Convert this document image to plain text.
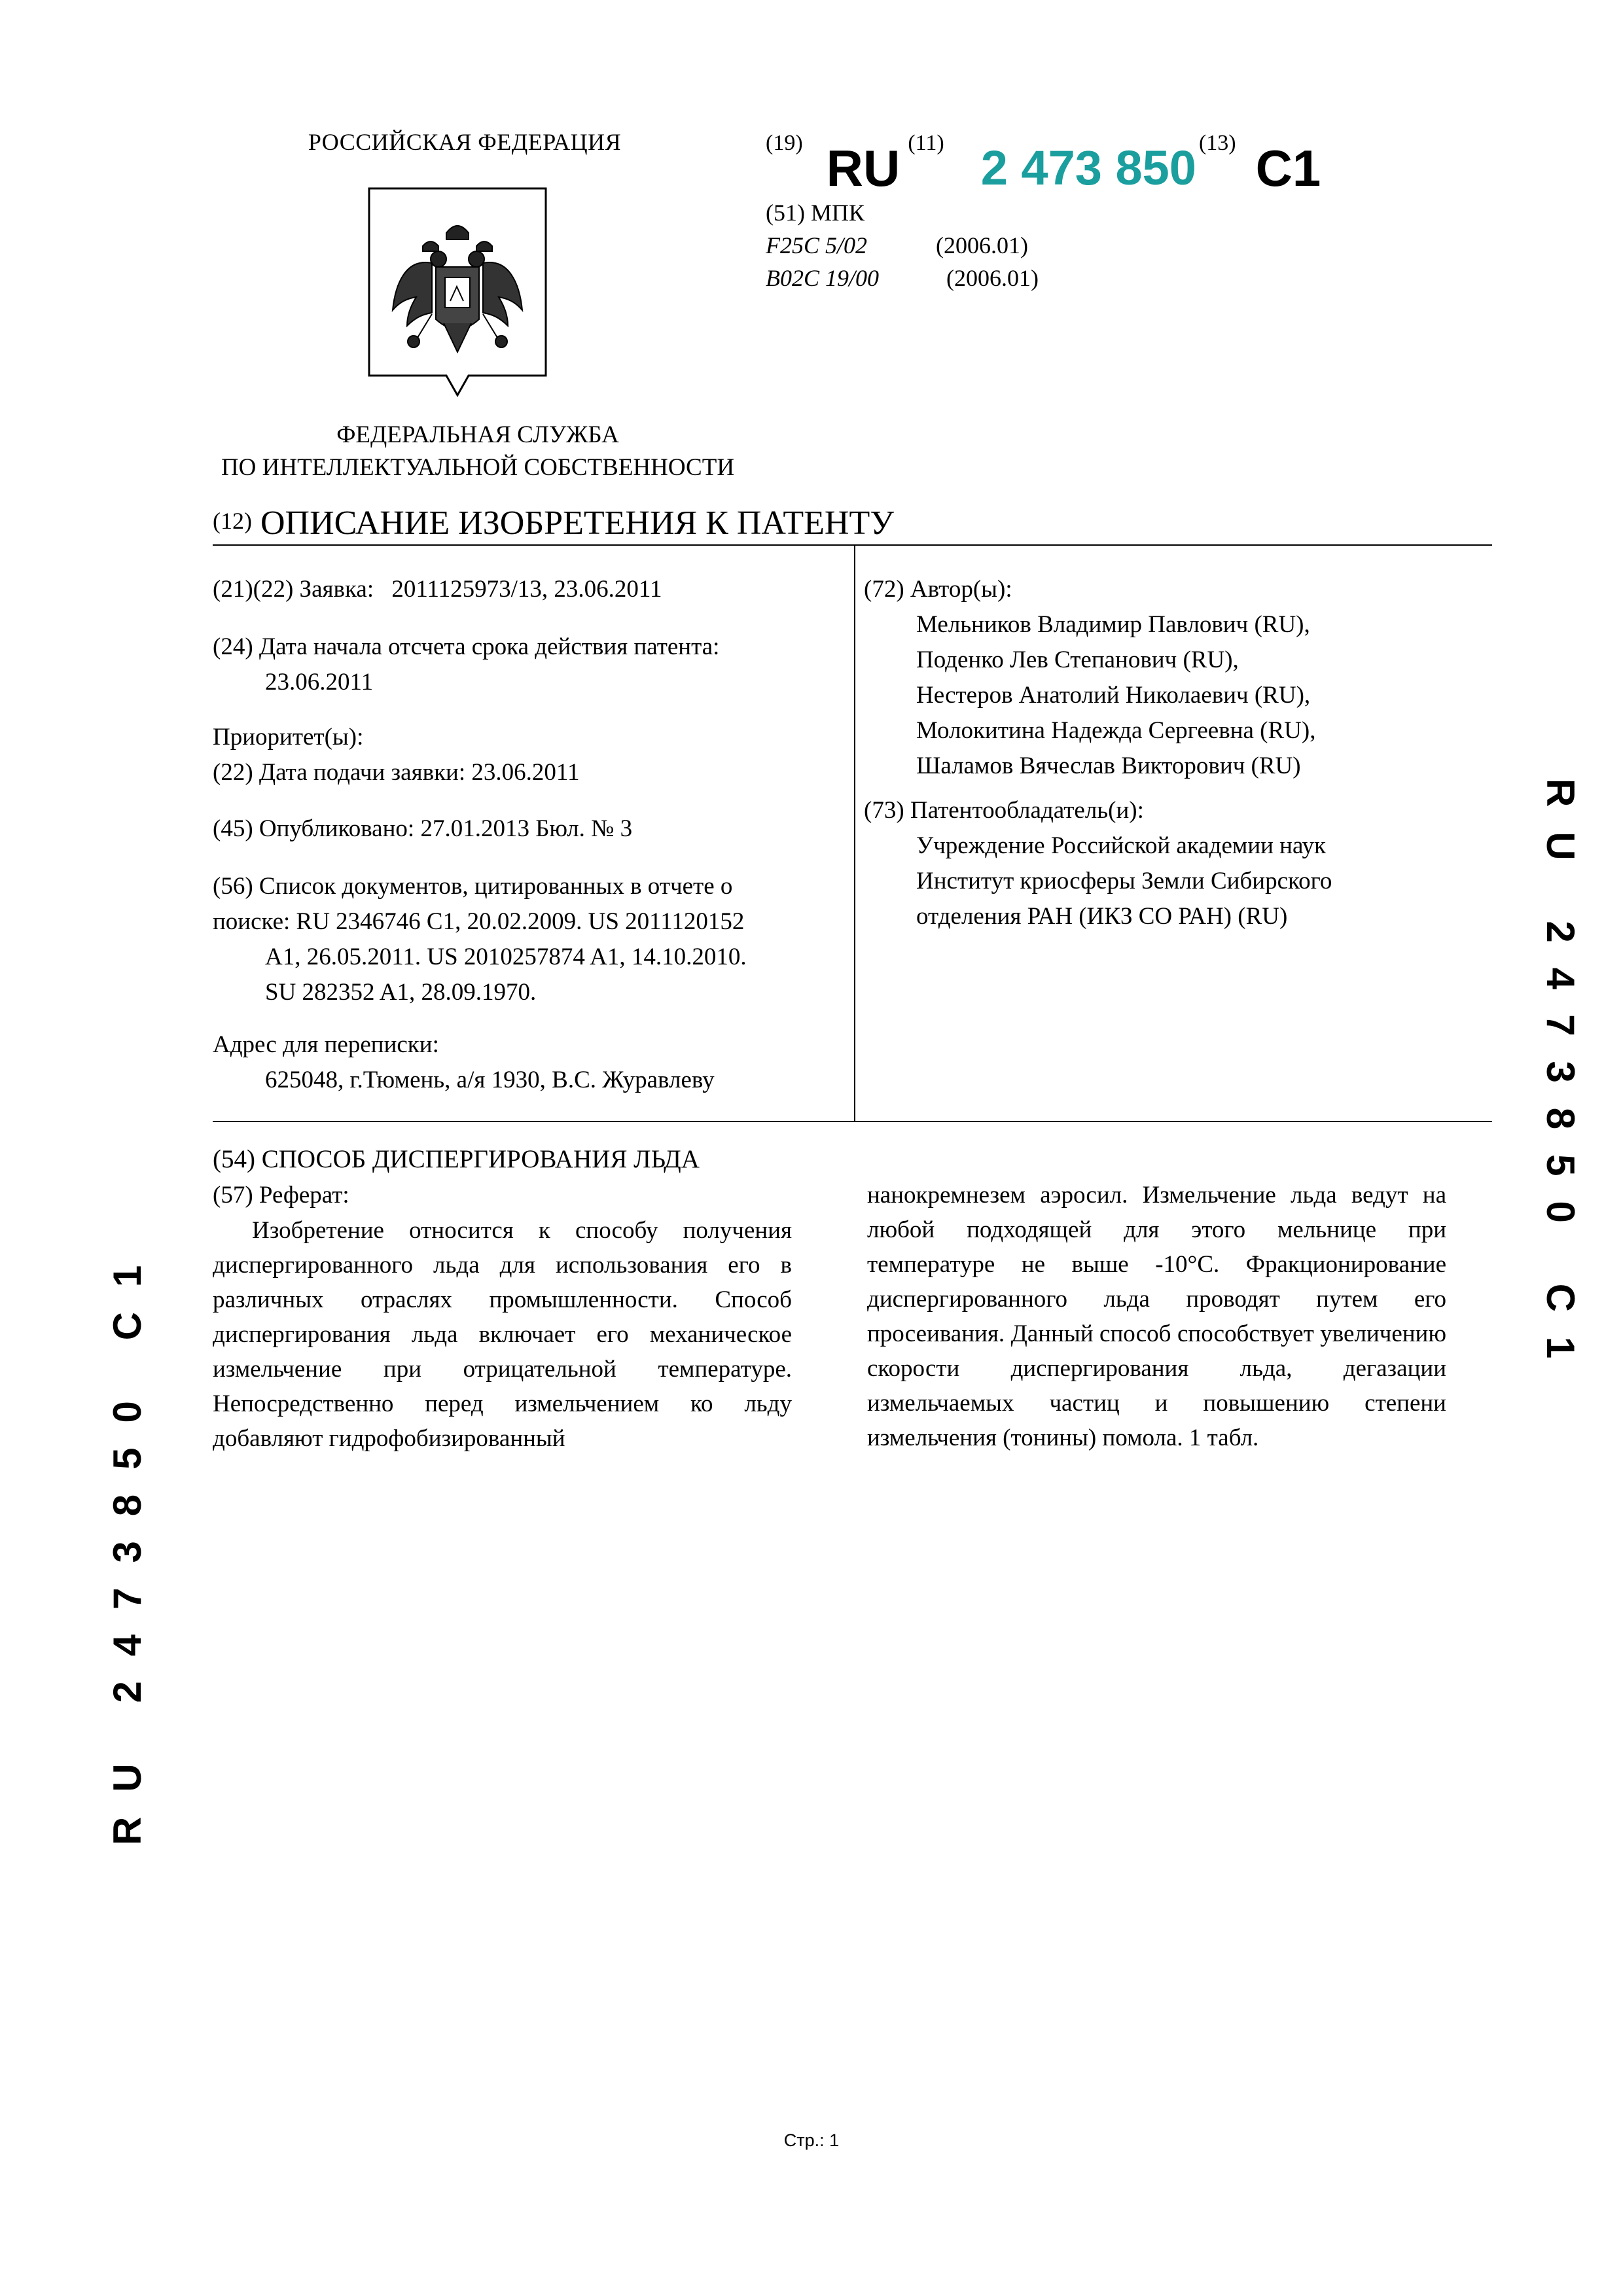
РОССИЙСКАЯ ФЕДЕРАЦИЯ
ФЕДЕРАЛЬНАЯ СЛУЖБА
ПО ИНТЕЛЛЕКТУАЛЬНОЙ СОБСТВЕННОСТИ
(19) RU (11) 2 473 850 (13) C1
(51) МПК
F25C 5/02	(2006.01)
B02C 19/00	(2006.01)
(12) ОПИСАНИЕ ИЗОБРЕТЕНИЯ К ПАТЕНТУ
(21)(22) Заявка: 2011125973/13, 23.06.2011
(24) Дата начала отсчета срока действия патента:
23.06.2011
Приоритет(ы):
(22) Дата подачи заявки: 23.06.2011
(45) Опубликовано: 27.01.2013 Бюл. № 3
(56) Список документов, цитированных в отчете о
поиске: RU 2346746 C1, 20.02.2009. US 2011120152
A1, 26.05.2011. US 2010257874 A1, 14.10.2010.
SU 282352 A1, 28.09.1970.
Адрес для переписки:
625048, г.Тюмень, а/я 1930, В.С. Журавлеву
(72) Автор(ы):
Мельников Владимир Павлович (RU),
Поденко Лев Степанович (RU),
Нестеров Анатолий Николаевич (RU),
Молокитина Надежда Сергеевна (RU),
Шаламов Вячеслав Викторович (RU)
(73) Патентообладатель(и):
Учреждение Российской академии наук
Институт криосферы Земли Сибирского
отделения РАН (ИКЗ СО РАН) (RU)
(54) СПОСОБ ДИСПЕРГИРОВАНИЯ ЛЬДА
(57) Реферат:
Изобретение относится к способу получения диспергированного льда для использования его в различных отраслях промышленности. Способ диспергирования льда включает его механическое измельчение при отрицательной температуре. Непосредственно перед измельчением ко льду добавляют гидрофобизированный
нанокремнезем аэросил. Измельчение льда ведут на любой подходящей для этого мельнице при температуре не выше -10°С. Фракционирование диспергированного льда проводят путем его просеивания. Данный способ способствует увеличению скорости диспергирования льда, дегазации измельчаемых частиц и повышению степени измельчения (тонины) помола. 1 табл.
RU 2473850 C1
RU 2473850 C1
Стр.: 1
